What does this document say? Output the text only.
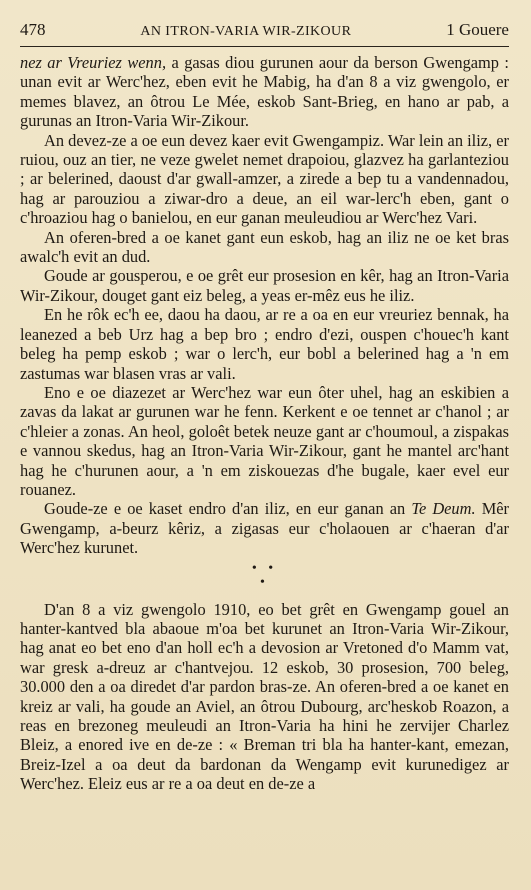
478	AN ITRON-VARIA WIR-ZIKOUR	1 Gouere

nez ar Vreuriez wenn, a gasas diou gurunen aour da berson Gwengamp : unan evit ar Werc'hez, eben evit he Mabig, ha d'an 8 a viz gwengolo, er memes blavez, an ôtrou Le Mée, eskob Sant-Brieg, en hano ar pab, a gurunas an Itron-Varia Wir-Zikour.

An devez-ze a oe eun devez kaer evit Gwengampiz. War lein an iliz, er ruiou, ouz an tier, ne veze gwelet nemet drapoiou, glazvez ha garlanteziou ; ar belerined, daoust d'ar gwall-amzer, a zirede a bep tu a vandennadou, hag ar parouziou a ziwar-dro a deue, an eil war-lerc'h eben, gant o c'hroaziou hag o banielou, en eur ganan meuleudiou ar Werc'hez Vari.

An oferen-bred a oe kanet gant eun eskob, hag an iliz ne oe ket bras awalc'h evit an dud.

Goude ar gousperou, e oe grêt eur prosesion en kêr, hag an Itron-Varia Wir-Zikour, douget gant eiz beleg, a yeas er-mêz eus he iliz.

En he rôk ec'h ee, daou ha daou, ar re a oa en eur vreuriez bennak, ha leanezed a beb Urz hag a bep bro ; endro d'ezi, ouspen c'houec'h kant beleg ha pemp eskob ; war o lerc'h, eur bobl a belerined hag a 'n em zastumas war blasen vras ar vali.

Eno e oe diazezet ar Werc'hez war eun ôter uhel, hag an eskibien a zavas da lakat ar gurunen war he fenn. Kerkent e oe tennet ar c'hanol ; ar c'hleier a zonas. An heol, goloêt betek neuze gant ar c'houmoul, a zispakas e vannou skedus, hag an Itron-Varia Wir-Zikour, gant he mantel arc'hant hag he c'hurunen aour, a 'n em ziskouezas d'he bugale, kaer evel eur rouanez.

Goude-ze e oe kaset endro d'an iliz, en eur ganan an Te Deum. Mêr Gwengamp, a-beurz kêriz, a zigasas eur c'holaouen ar c'haeran d'ar Werc'hez kurunet.

• •
•

D'an 8 a viz gwengolo 1910, eo bet grêt en Gwengamp gouel an hanter-kantved bla abaoue m'oa bet kurunet an Itron-Varia Wir-Zikour, hag anat eo bet eno d'an holl ec'h a devosion ar Vretoned d'o Mamm vat, war gresk a-dreuz ar c'hantvejou. 12 eskob, 30 prosesion, 700 beleg, 30.000 den a oa diredet d'ar pardon bras-ze. An oferen-bred a oe kanet en kreiz ar vali, ha goude an Aviel, an ôtrou Dubourg, arc'heskob Roazon, a reas en brezoneg meuleudi an Itron-Varia ha hini he zervijer Charlez Bleiz, a enored ive en de-ze : « Breman tri bla ha hanter-kant, emezan, Breiz-Izel a oa deut da bardonan da Wengamp evit kurunedigez ar Werc'hez. Eleiz eus ar re a oa deut en de-ze a
